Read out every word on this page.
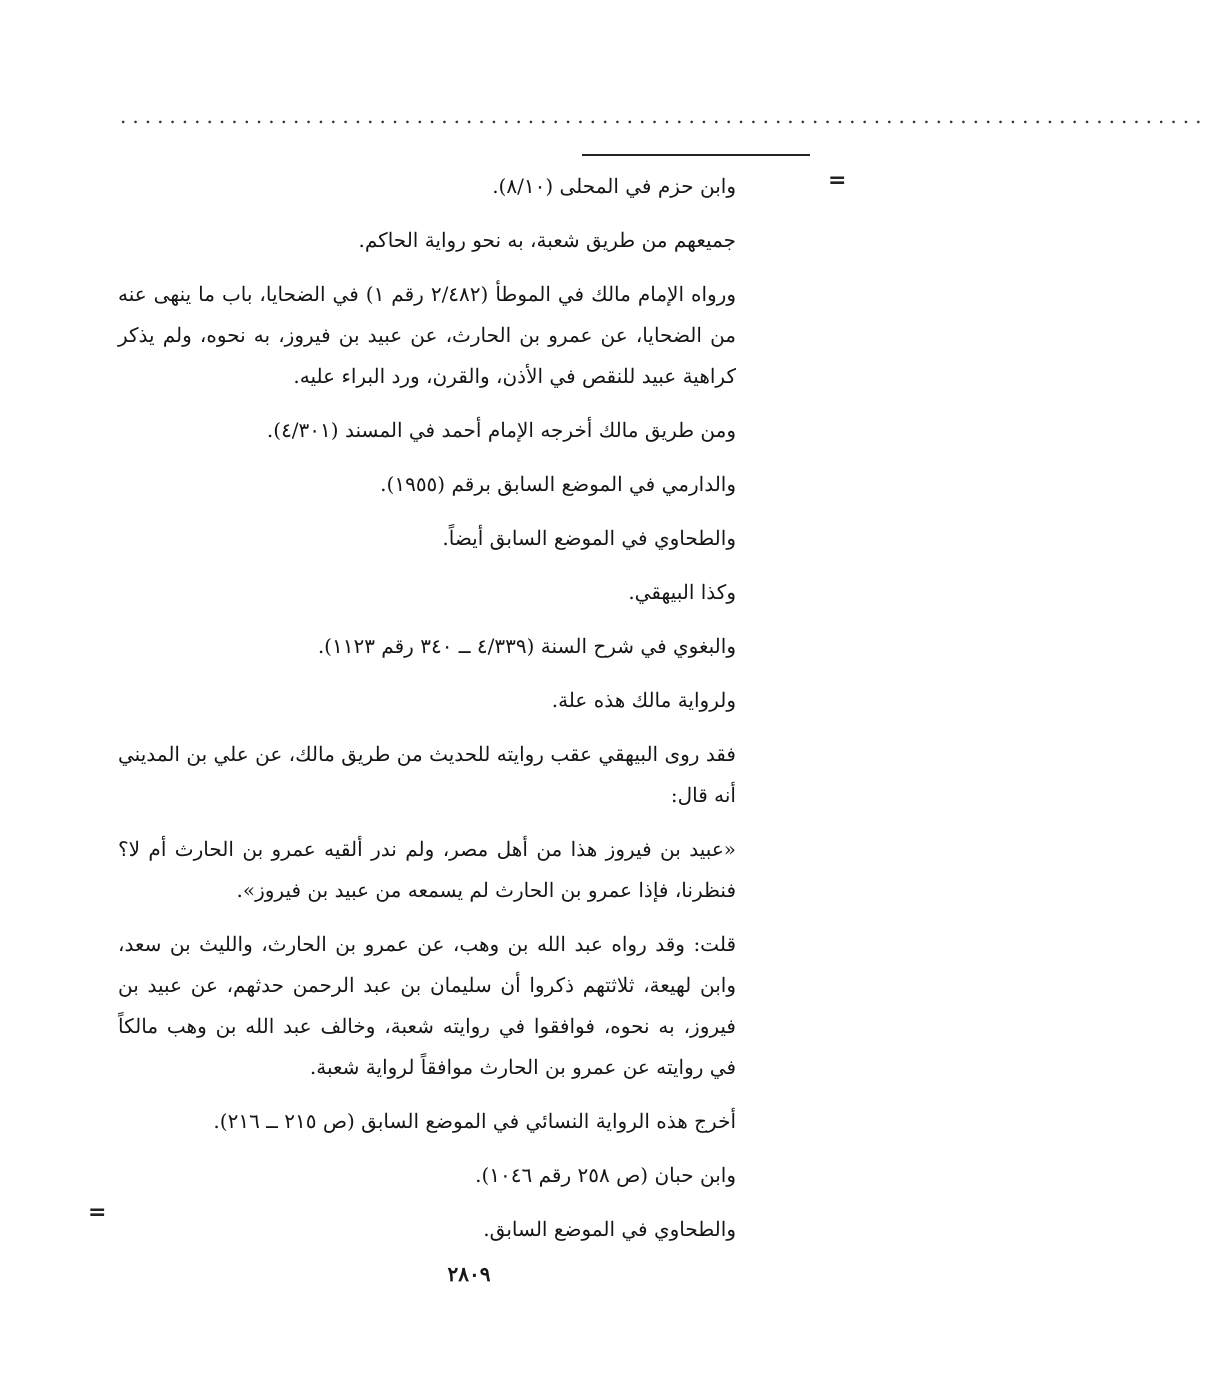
........................................................................................
=

وابن حزم في المحلى (٨/١٠).

جميعهم من طريق شعبة، به نحو رواية الحاكم.

ورواه الإمام مالك في الموطأ (٢/٤٨٢ رقم ١) في الضحايا، باب ما ينهى عنه من الضحايا، عن عمرو بن الحارث، عن عبيد بن فيروز، به نحوه، ولم يذكر كراهية عبيد للنقص في الأذن، والقرن، ورد البراء عليه.

ومن طريق مالك أخرجه الإمام أحمد في المسند (٤/٣٠١).

والدارمي في الموضع السابق برقم (١٩٥٥).

والطحاوي في الموضع السابق أيضاً.

وكذا البيهقي.

والبغوي في شرح السنة (٤/٣٣٩ ــ ٣٤٠ رقم ١١٢٣).

ولرواية مالك هذه علة.

فقد روى البيهقي عقب روايته للحديث من طريق مالك، عن علي بن المديني أنه قال:

«عبيد بن فيروز هذا من أهل مصر، ولم ندر ألقيه عمرو بن الحارث أم لا؟ فنظرنا، فإذا عمرو بن الحارث لم يسمعه من عبيد بن فيروز».

قلت: وقد رواه عبد الله بن وهب، عن عمرو بن الحارث، والليث بن سعد، وابن لهيعة، ثلاثتهم ذكروا أن سليمان بن عبد الرحمن حدثهم، عن عبيد بن فيروز، به نحوه، فوافقوا في روايته شعبة، وخالف عبد الله بن وهب مالكاً في روايته عن عمرو بن الحارث موافقاً لرواية شعبة.

أخرج هذه الرواية النسائي في الموضع السابق (ص ٢١٥ ــ ٢١٦).

وابن حبان (ص ٢٥٨ رقم ١٠٤٦).

والطحاوي في الموضع السابق.

=
٢٨٠٩
